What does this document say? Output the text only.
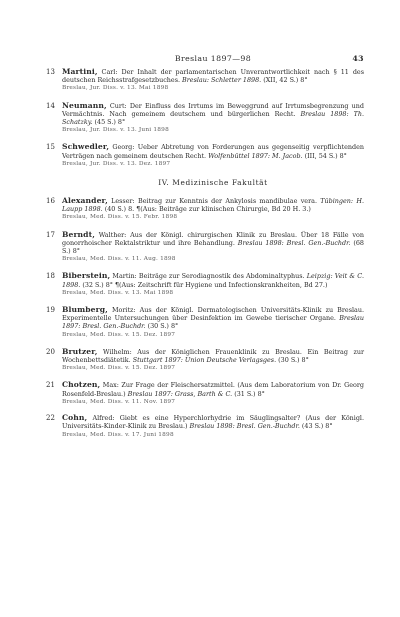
Breslau 1897—98	43
13 Martini, Carl: Der Inhalt der parlamentarischen Unverantwortlichkeit nach § 11 des deutschen Reichsstrafgesetzbuches. Breslau: Schletter 1898. (XII, 42 S.) 8°
Breslau, Jur. Diss. v. 13. Mai 1898
14 Neumann, Curt: Der Einfluss des Irrtums im Beweggrund auf Irrtumsbegrenzung und Vermächtnis. Nach gemeinem deutschem und bürgerlichen Recht. Breslau 1898: Th. Schatzky. (45 S.) 8°
Breslau, Jur. Diss. v. 13. Juni 1898
15 Schwedler, Georg: Ueber Abtretung von Forderungen aus gegenseitig verpflichtenden Verträgen nach gemeinem deutschen Recht. Wolfenbüttel 1897: M. Jacob. (III, 54 S.) 8°
Breslau, Jur. Diss. v. 13. Dez. 1897
IV. Medizinische Fakultät
16 Alexander, Lesser: Beitrag zur Kenntnis der Ankylosis mandibulae vera. Tübingen: H. Laupp 1898. (40 S.) 8. ¶(Aus: Beiträge zur klinischen Chirurgie, Bd 20 H. 3.)
Breslau, Med. Diss. v. 15. Febr. 1898
17 Berndt, Walther: Aus der Königl. chirurgischen Klinik zu Breslau. Über 18 Fälle von gonorrhoischer Rektalstriktur und ihre Behandlung. Breslau 1898: Bresl. Gen.-Buchdr. (68 S.) 8°
Breslau, Med. Diss. v. 11. Aug. 1898
18 Biberstein, Martin: Beiträge zur Serodiagnostik des Abdominaltyphus. Leipzig: Veit & C. 1898. (32 S.) 8° ¶(Aus: Zeitschrift für Hygiene und Infectionskrankheiten, Bd 27.)
Breslau, Med. Diss. v. 13. Mai 1898
19 Blumberg, Moritz: Aus der Königl. Dermatologischen Universitäts-Klinik zu Breslau. Experimentelle Untersuchungen über Desinfektion im Gewebe tierischer Organe. Breslau 1897: Bresl. Gen.-Buchdr. (30 S.) 8°
Breslau, Med. Diss. v. 15. Dez. 1897
20 Brutzer, Wilhelm: Aus der Königlichen Frauenklinik zu Breslau. Ein Beitrag zur Wochenbettsdiätetik. Stuttgart 1897: Union Deutsche Verlagsges. (30 S.) 8°
Breslau, Med. Diss. v. 15. Dez. 1897
21 Chotzen, Max: Zur Frage der Fleischersatzmittel. (Aus dem Laboratorium von Dr. Georg Rosenfeld-Breslau.) Breslau 1897: Grass, Barth & C. (31 S.) 8°
Breslau, Med. Diss. v. 11. Nov. 1897
22 Cohn, Alfred: Giebt es eine Hyperchlorhydrie im Säuglingsalter? (Aus der Königl. Universitäts-Kinder-Klinik zu Breslau.) Breslau 1898: Bresl. Gen.-Buchdr. (43 S.) 8°
Breslau, Med. Diss. v. 17. Juni 1898
